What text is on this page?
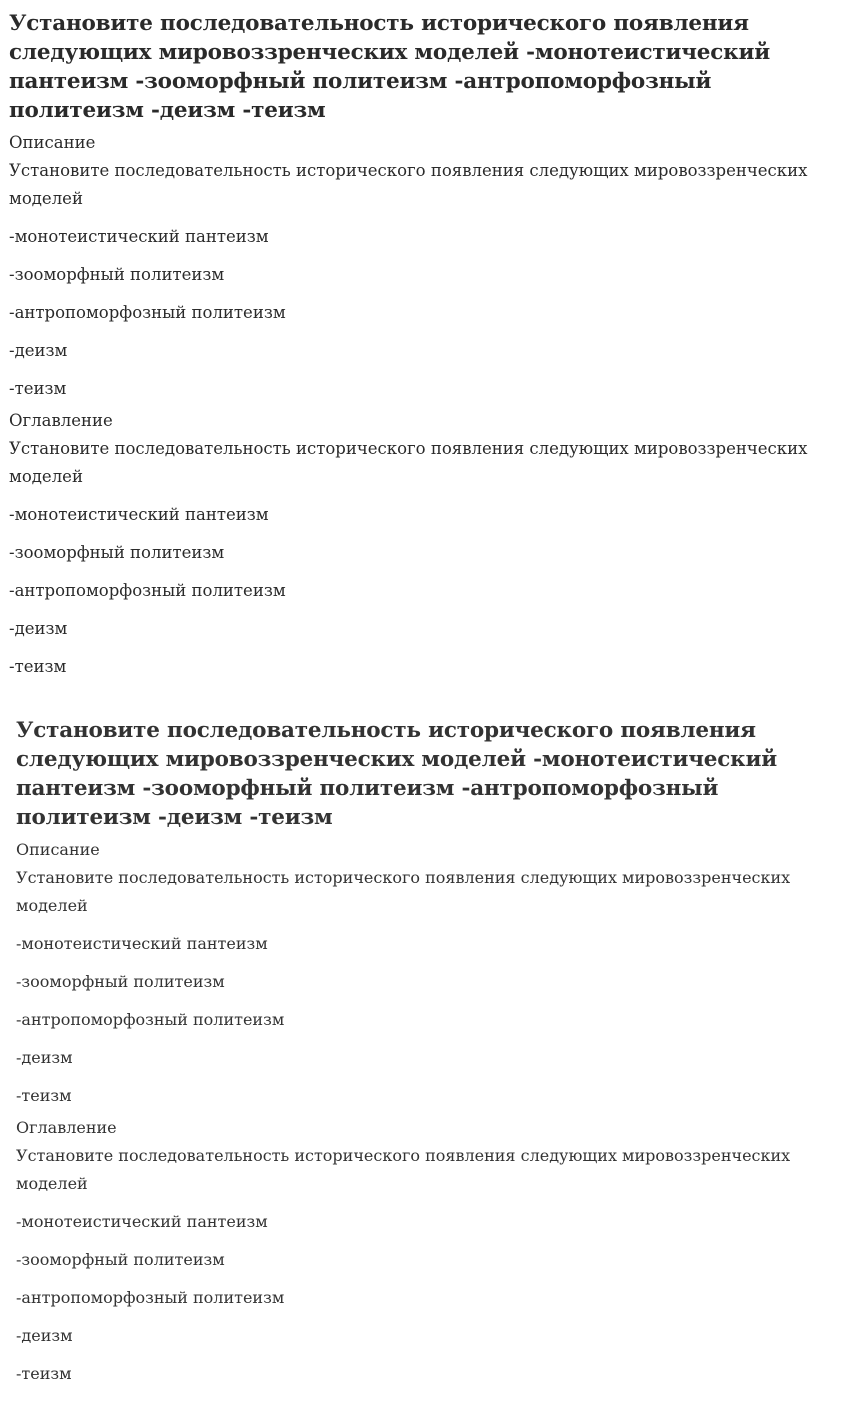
Установите последовательность исторического появления следующих мировоззренческих моделей -монотеистический пантеизм -зооморфный политеизм -антропоморфозный политеизм -деизм -теизм

Описание

Установите последовательность исторического появления следующих мировоззренческих моделей

-монотеистический пантеизм

-зооморфный политеизм

-антропоморфозный политеизм

-деизм

-теизм

Оглавление

Установите последовательность исторического появления следующих мировоззренческих моделей

-монотеистический пантеизм

-зооморфный политеизм

-антропоморфозный политеизм

-деизм

-теизм

Установите последовательность исторического появления следующих мировоззренческих моделей -монотеистический пантеизм -зооморфный политеизм -антропоморфозный политеизм -деизм -теизм

Описание

Установите последовательность исторического появления следующих мировоззренческих моделей

-монотеистический пантеизм

-зооморфный политеизм

-антропоморфозный политеизм

-деизм

-теизм

Оглавление

Установите последовательность исторического появления следующих мировоззренческих моделей

-монотеистический пантеизм

-зооморфный политеизм

-антропоморфозный политеизм

-деизм

-теизм
